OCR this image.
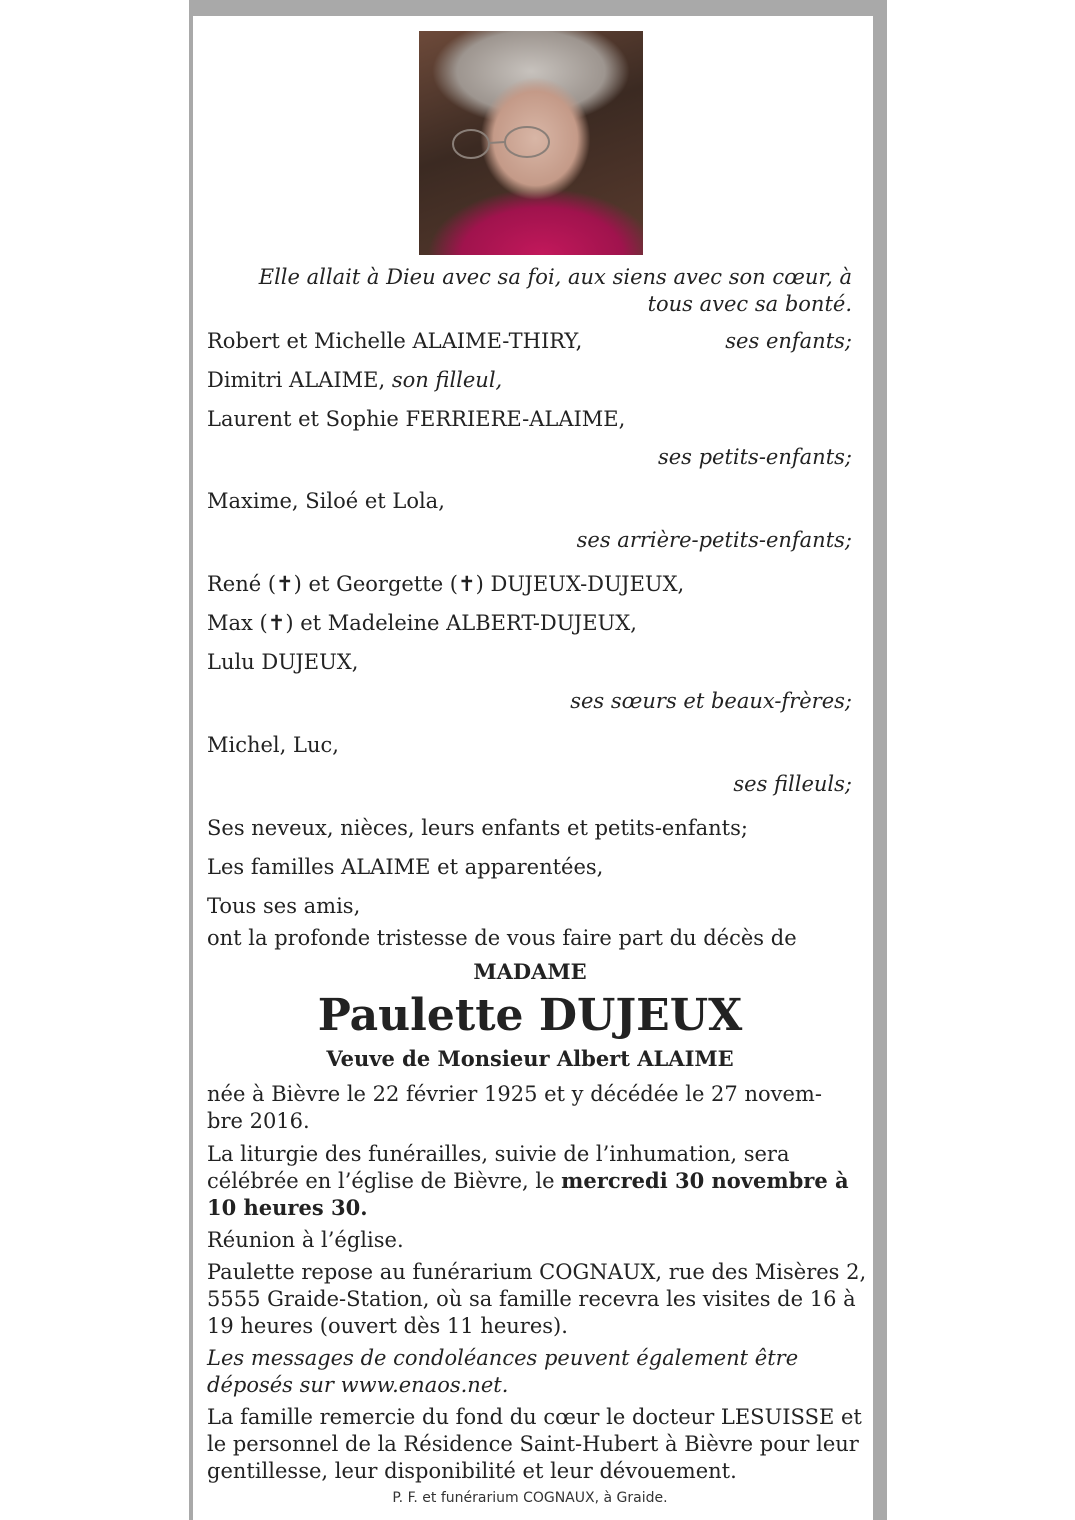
Elle allait à Dieu avec sa foi, aux siens avec son cœur, à
tous avec sa bonté.
Robert et Michelle ALAIME-THIRY,	ses enfants;
Dimitri ALAIME, son filleul,
Laurent et Sophie FERRIERE-ALAIME,
ses petits-enfants;
Maxime, Siloé et Lola,
ses arrière-petits-enfants;
René (✝) et Georgette (✝) DUJEUX-DUJEUX,
Max (✝) et Madeleine ALBERT-DUJEUX,
Lulu DUJEUX,
ses sœurs et beaux-frères;
Michel, Luc,
ses filleuls;
Ses neveux, nièces, leurs enfants et petits-enfants;
Les familles ALAIME et apparentées,
Tous ses amis,
ont la profonde tristesse de vous faire part du décès de
MADAME
Paulette DUJEUX
Veuve de Monsieur Albert ALAIME
née à Bièvre le 22 février 1925 et y décédée le 27 novem-
bre 2016.
La liturgie des funérailles, suivie de l’inhumation, sera
célébrée en l’église de Bièvre, le mercredi 30 novembre à
10 heures 30.
Réunion à l’église.
Paulette repose au funérarium COGNAUX, rue des Misères 2,
5555 Graide-Station, où sa famille recevra les visites de 16 à
19 heures (ouvert dès 11 heures).
Les messages de condoléances peuvent également être
déposés sur www.enaos.net.
La famille remercie du fond du cœur le docteur LESUISSE et
le personnel de la Résidence Saint-Hubert à Bièvre pour leur
gentillesse, leur disponibilité et leur dévouement.
P. F. et funérarium COGNAUX, à Graide.
